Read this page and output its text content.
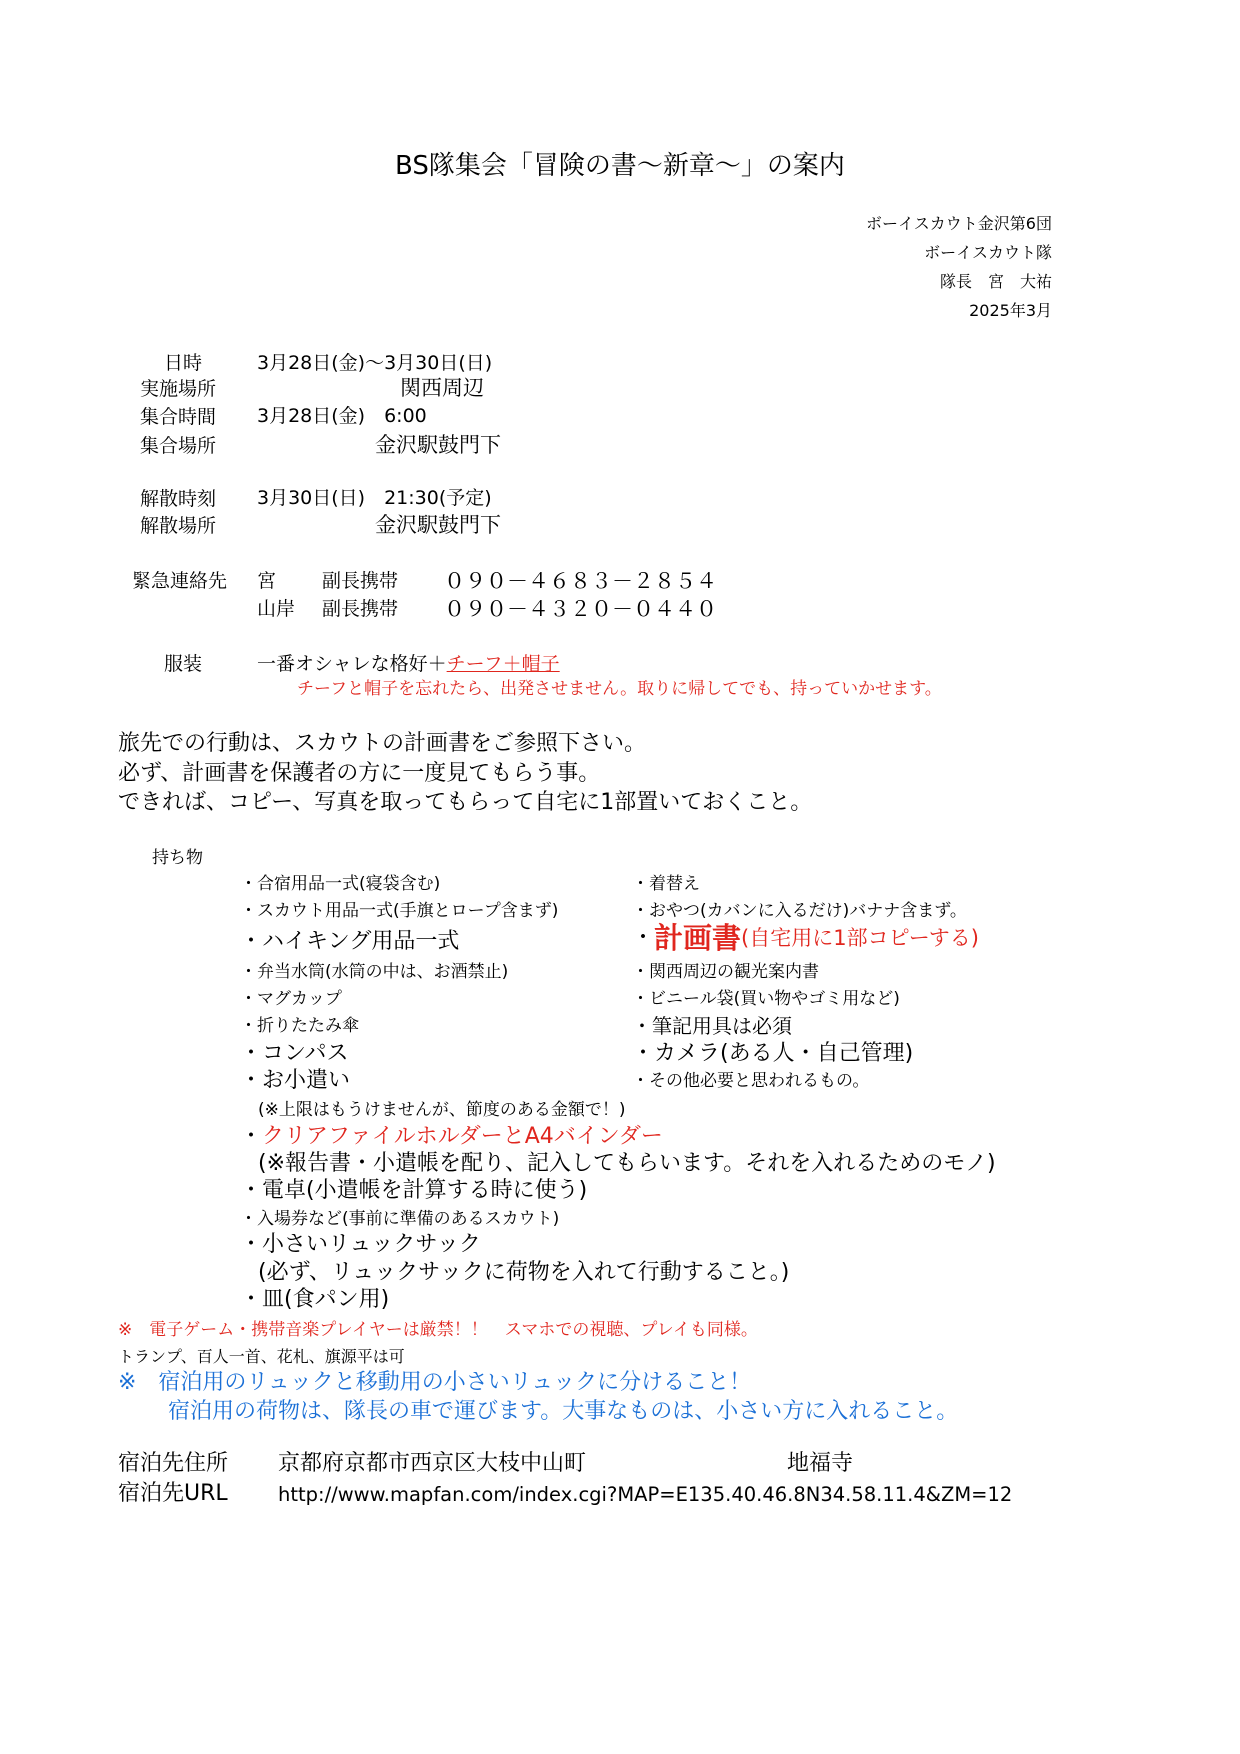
BS隊集会「冒険の書～新章～」の案内
ボーイスカウト金沢第6団
ボーイスカウト隊
隊長　宮　大祐
2025年3月
日時	3月28日(金)～3月30日(日)
実施場所	関西周辺
集合時間 3月28日(金)　6:00
集合場所	金沢駅鼓門下
解散時刻 3月30日(日)　21:30(予定)
解散場所	金沢駅鼓門下
緊急連絡先 宮 副長携帯 ０９０－４６８３－２８５４
山岸 副長携帯 ０９０－４３２０－０４４０
服装	一番オシャレな格好＋チーフ＋帽子
チーフと帽子を忘れたら、出発させません。取りに帰してでも、持っていかせます。
旅先での行動は、スカウトの計画書をご参照下さい。
必ず、計画書を保護者の方に一度見てもらう事。
できれば、コピー、写真を取ってもらって自宅に1部置いておくこと。
持ち物
・合宿用品一式(寝袋含む)
・スカウト用品一式(手旗とロープ含まず)
・ハイキング用品一式
・弁当水筒(水筒の中は、お酒禁止)
・マグカップ
・折りたたみ傘
・コンパス
・お小遣い
(※上限はもうけませんが、節度のある金額で！)
・クリアファイルホルダーとA4バインダー
(※報告書・小遣帳を配り、記入してもらいます。それを入れるためのモノ)
・電卓(小遣帳を計算する時に使う)
・入場券など(事前に準備のあるスカウト)
・小さいリュックサック
(必ず、リュックサックに荷物を入れて行動すること。)
・皿(食パン用)
・着替え
・おやつ(カバンに入るだけ)バナナ含まず。
・計画書(自宅用に1部コピーする)
・関西周辺の観光案内書
・ビニール袋(買い物やゴミ用など)
・筆記用具は必須
・カメラ(ある人・自己管理)
・その他必要と思われるもの。
※　電子ゲーム・携帯音楽プレイヤーは厳禁！！　スマホでの視聴、プレイも同様。
トランプ、百人一首、花札、旗源平は可
※　宿泊用のリュックと移動用の小さいリュックに分けること！
宿泊用の荷物は、隊長の車で運びます。大事なものは、小さい方に入れること。
宿泊先住所 京都府京都市西京区大枝中山町	地福寺
宿泊先URL	http://www.mapfan.com/index.cgi?MAP=E135.40.46.8N34.58.11.4&ZM=12
